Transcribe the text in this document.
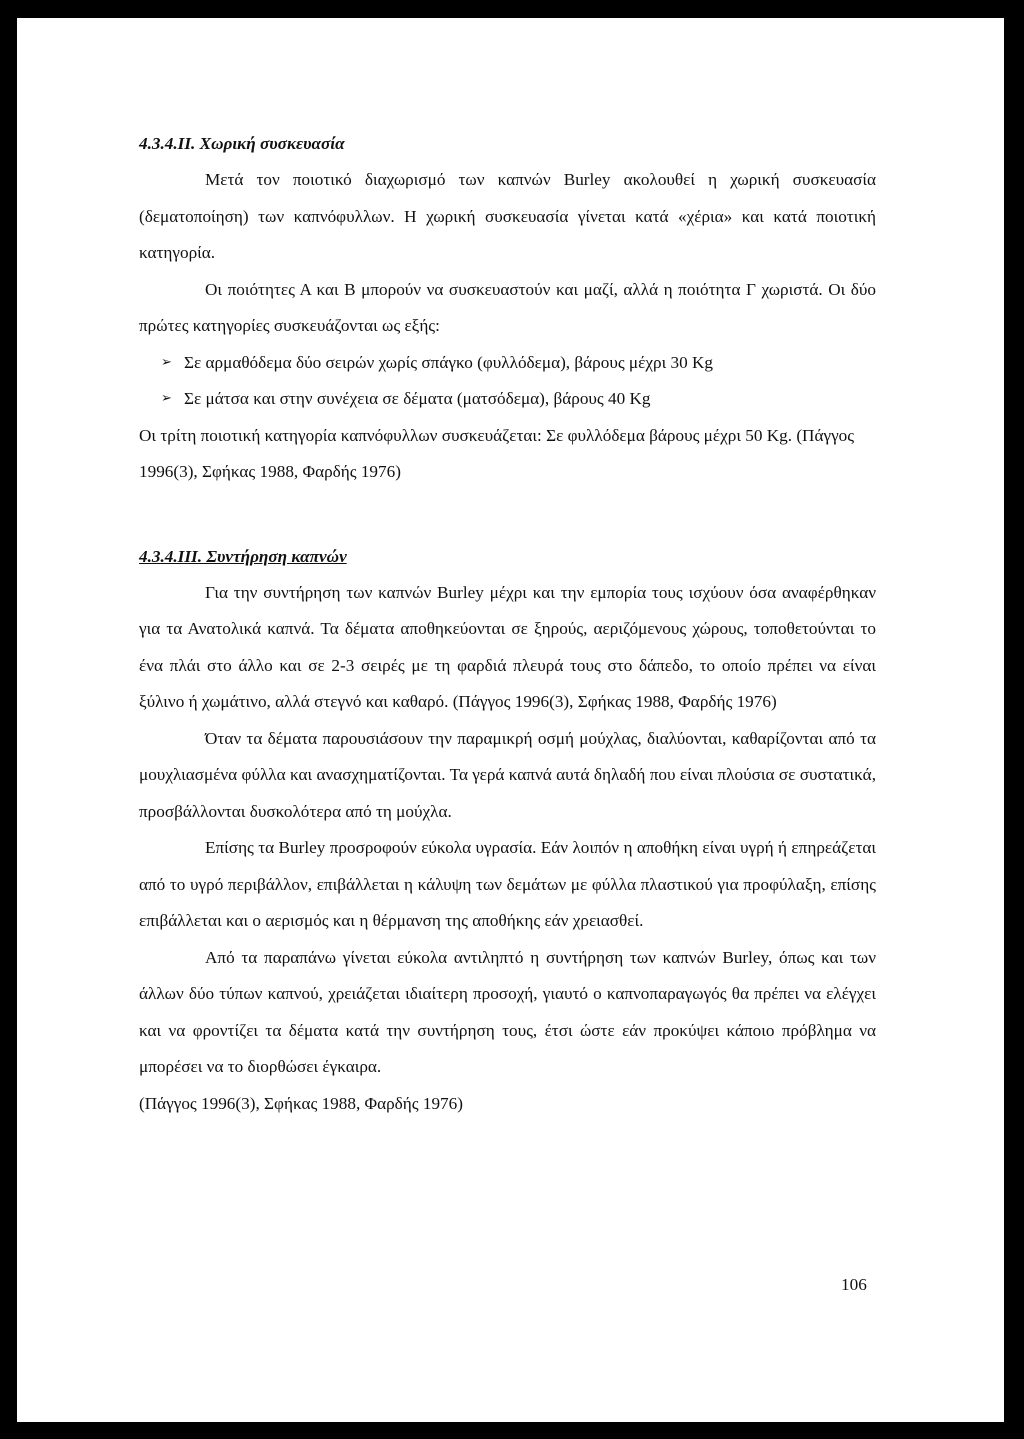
4.3.4.ΙΙ. Χωρική συσκευασία

Μετά τον ποιοτικό διαχωρισμό των καπνών Burley ακολουθεί η χωρική συσκευασία (δεματοποίηση) των καπνόφυλλων. Η χωρική συσκευασία γίνεται κατά «χέρια» και κατά ποιοτική κατηγορία.

Οι ποιότητες Α και Β μπορούν να συσκευαστούν και μαζί, αλλά η ποιότητα Γ χωριστά. Οι δύο πρώτες κατηγορίες συσκευάζονται ως εξής:

➢ Σε αρμαθόδεμα δύο σειρών χωρίς σπάγκο (φυλλόδεμα), βάρους μέχρι 30 Kg
➢ Σε μάτσα και στην συνέχεια σε δέματα (ματσόδεμα), βάρους 40 Kg

Οι τρίτη ποιοτική κατηγορία καπνόφυλλων συσκευάζεται: Σε φυλλόδεμα βάρους μέχρι 50 Kg. (Πάγγος 1996(3), Σφήκας 1988, Φαρδής 1976)

4.3.4.ΙΙΙ. Συντήρηση καπνών

Για την συντήρηση των καπνών Burley μέχρι και την εμπορία τους ισχύουν όσα αναφέρθηκαν για τα Ανατολικά καπνά. Τα δέματα αποθηκεύονται σε ξηρούς, αεριζόμενους χώρους, τοποθετούνται το ένα πλάι στο άλλο και σε 2-3 σειρές με τη φαρδιά πλευρά τους στο δάπεδο, το οποίο πρέπει να είναι ξύλινο ή χωμάτινο, αλλά στεγνό και καθαρό. (Πάγγος 1996(3), Σφήκας 1988, Φαρδής 1976)

Όταν τα δέματα παρουσιάσουν την παραμικρή οσμή μούχλας, διαλύονται, καθαρίζονται από τα μουχλιασμένα φύλλα και ανασχηματίζονται. Τα γερά καπνά αυτά δηλαδή που είναι πλούσια σε συστατικά, προσβάλλονται δυσκολότερα από τη μούχλα.

Επίσης τα Burley προσροφούν εύκολα υγρασία. Εάν λοιπόν η αποθήκη είναι υγρή ή επηρεάζεται από το υγρό περιβάλλον, επιβάλλεται η κάλυψη των δεμάτων με φύλλα πλαστικού για προφύλαξη, επίσης επιβάλλεται και ο αερισμός και η θέρμανση της αποθήκης εάν χρειασθεί.

Από τα παραπάνω γίνεται εύκολα αντιληπτό η συντήρηση των καπνών Burley, όπως και των άλλων δύο τύπων καπνού, χρειάζεται ιδιαίτερη προσοχή, γιαυτό ο καπνοπαραγωγός θα πρέπει να ελέγχει και να φροντίζει τα δέματα κατά την συντήρηση τους, έτσι ώστε εάν προκύψει κάποιο πρόβλημα να μπορέσει να το διορθώσει έγκαιρα.

(Πάγγος 1996(3), Σφήκας 1988, Φαρδής 1976)

106
